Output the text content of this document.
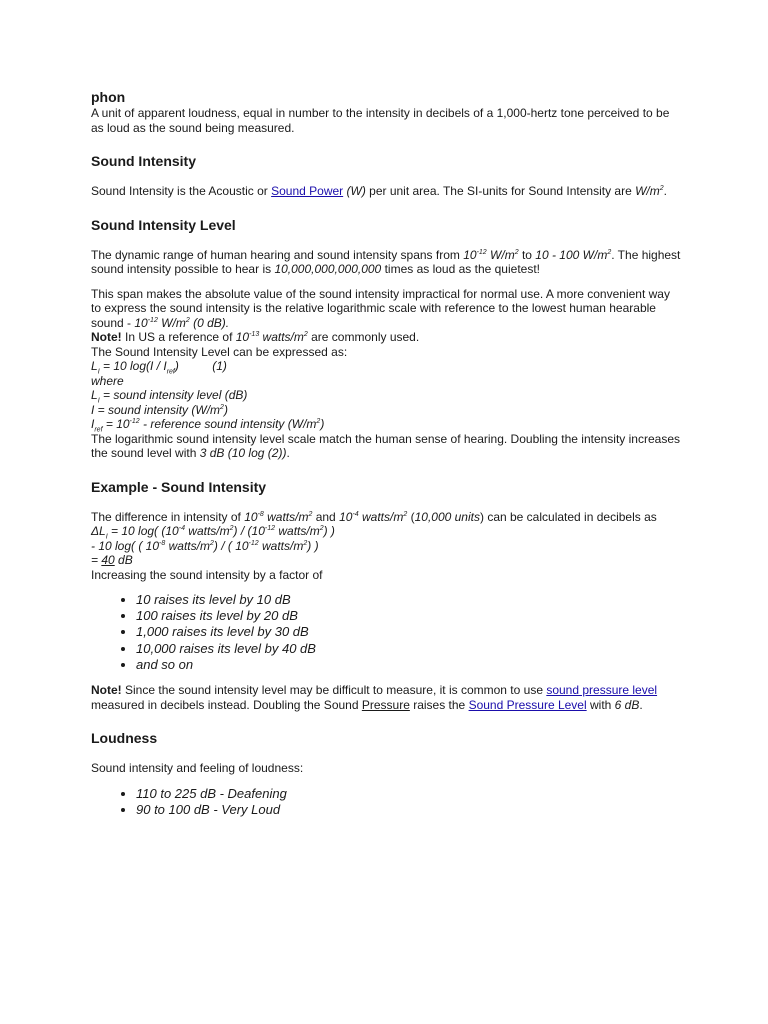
phon

A unit of apparent loudness, equal in number to the intensity in decibels of a 1,000-hertz tone perceived to be as loud as the sound being measured.

Sound Intensity

Sound Intensity is the Acoustic or Sound Power (W) per unit area. The SI-units for Sound Intensity are $W/m^2$.

Sound Intensity Level

The dynamic range of human hearing and sound intensity spans from $10^{-12}$ $W/m^2$ to 10 - 100 $W/m^2$. The highest sound intensity possible to hear is 10,000,000,000,000 times as loud as the quietest!

This span makes the absolute value of the sound intensity impractical for normal use. A more convenient way to express the sound intensity is the relative logarithmic scale with reference to the lowest human hearable sound - $10^{-12}$ $W/m^2$ (0 dB).

Note! In US a reference of $10^{-13}$ watts/$m^2$ are commonly used.

The Sound Intensity Level can be expressed as:

$L_I = 10$ $\log(I / I_{ref})$          (1)

where

$L_I$ = sound intensity level (dB)

I = sound intensity $(W/m^2)$

$I_{ref} = 10^{-12}$ - reference sound intensity $(W/m^2)$

The logarithmic sound intensity level scale match the human sense of hearing. Doubling the intensity increases the sound level with 3 dB (10 log (2)).

Example - Sound Intensity

The difference in intensity of $10^{-8}$ watts/$m^2$ and $10^{-4}$ watts/$m^2$ (10,000 units) can be calculated in decibels as

$\Delta L_I = 10$ log( ($10^{-4}$ watts/$m^2) / (10^{-12}$ watts/$m^2$) )

- 10 log( ( $10^{-8}$ watts/$m^2$) / ( $10^{-12}$ watts/$m^2$) )

= 40 dB

Increasing the sound intensity by a factor of

• 10 raises its level by 10 dB
• 100 raises its level by 20 dB
• 1,000 raises its level by 30 dB
• 10,000 raises its level by 40 dB
• and so on

Note! Since the sound intensity level may be difficult to measure, it is common to use sound pressure level measured in decibels instead. Doubling the Sound Pressure raises the Sound Pressure Level with 6 dB.

Loudness

Sound intensity and feeling of loudness:

• 110 to 225 dB - Deafening
• 90 to 100 dB - Very Loud
